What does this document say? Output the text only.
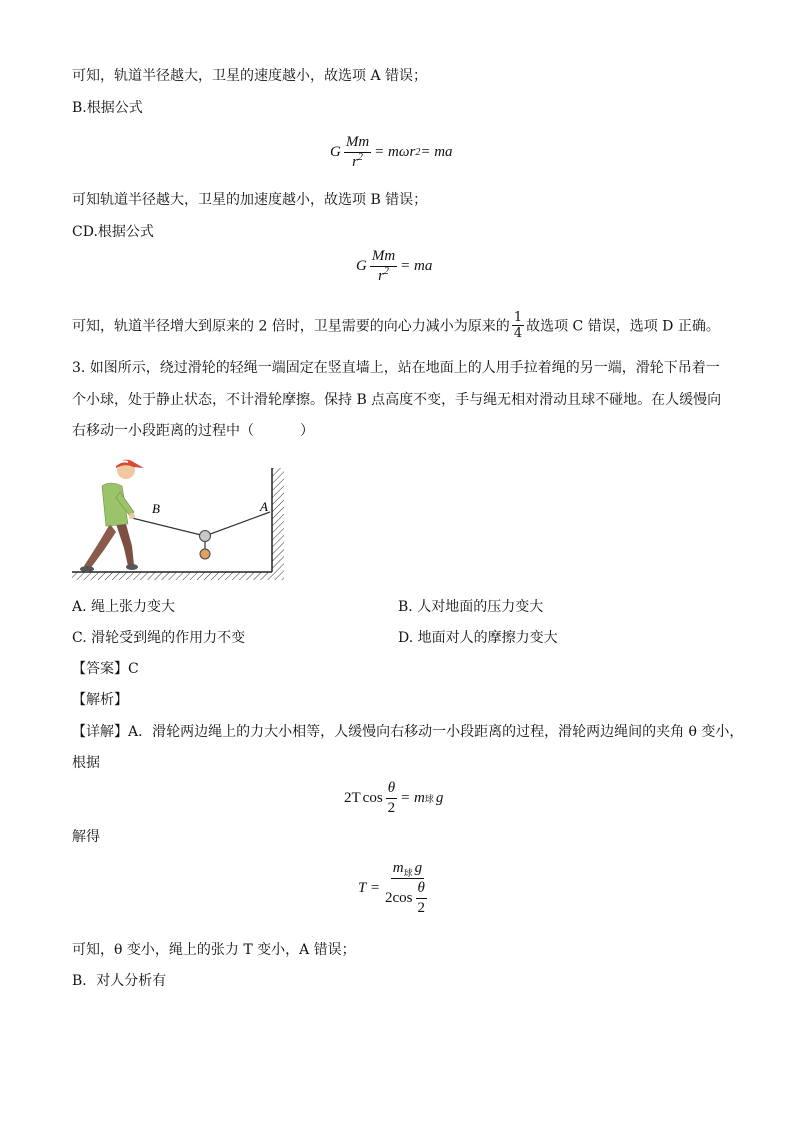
可知，轨道半径越大，卫星的速度越小，故选项 A 错误；
B.根据公式
G $\frac{Mm}{r^2} = m$ ω r 2 = ma
可知轨道半径越大，卫星的加速度越小，故选项 B 错误；
CD.根据公式
G $\frac{Mm}{r^2}$ = ma
可知，轨道半径增大到原来的 2 倍时，卫星需要的向心力减小为原来的 $\frac{1}{4}$ 故选项 C 错误，选项 D 正确。
3. 如图所示，绕过滑轮的轻绳一端固定在竖直墙上，站在地面上的人用手拉着绳的另一端，滑轮下吊着一
个小球，处于静止状态，不计滑轮摩擦。保持 B 点高度不变，手与绳无相对滑动且球不碰地。在人缓慢向
右移动一小段距离的过程中（	）
B	A
A. 绳上张力变大	B. 人对地面的压力变大
C. 滑轮受到绳的作用力不变	D. 地面对人的摩擦力变大
【答案】C
【解析】
【详解】A．滑轮两边绳上的力大小相等，人缓慢向右移动一小段距离的过程，滑轮两边绳间的夹角 θ 变小，
根据
2T $\cos \frac{\theta}{2} = m$ 球 g
解得
$T = \frac{m_球 g}{2\cos \frac{\theta}{2}}$
可知，θ 变小，绳上的张力 T 变小，A 错误；
B．对人分析有
